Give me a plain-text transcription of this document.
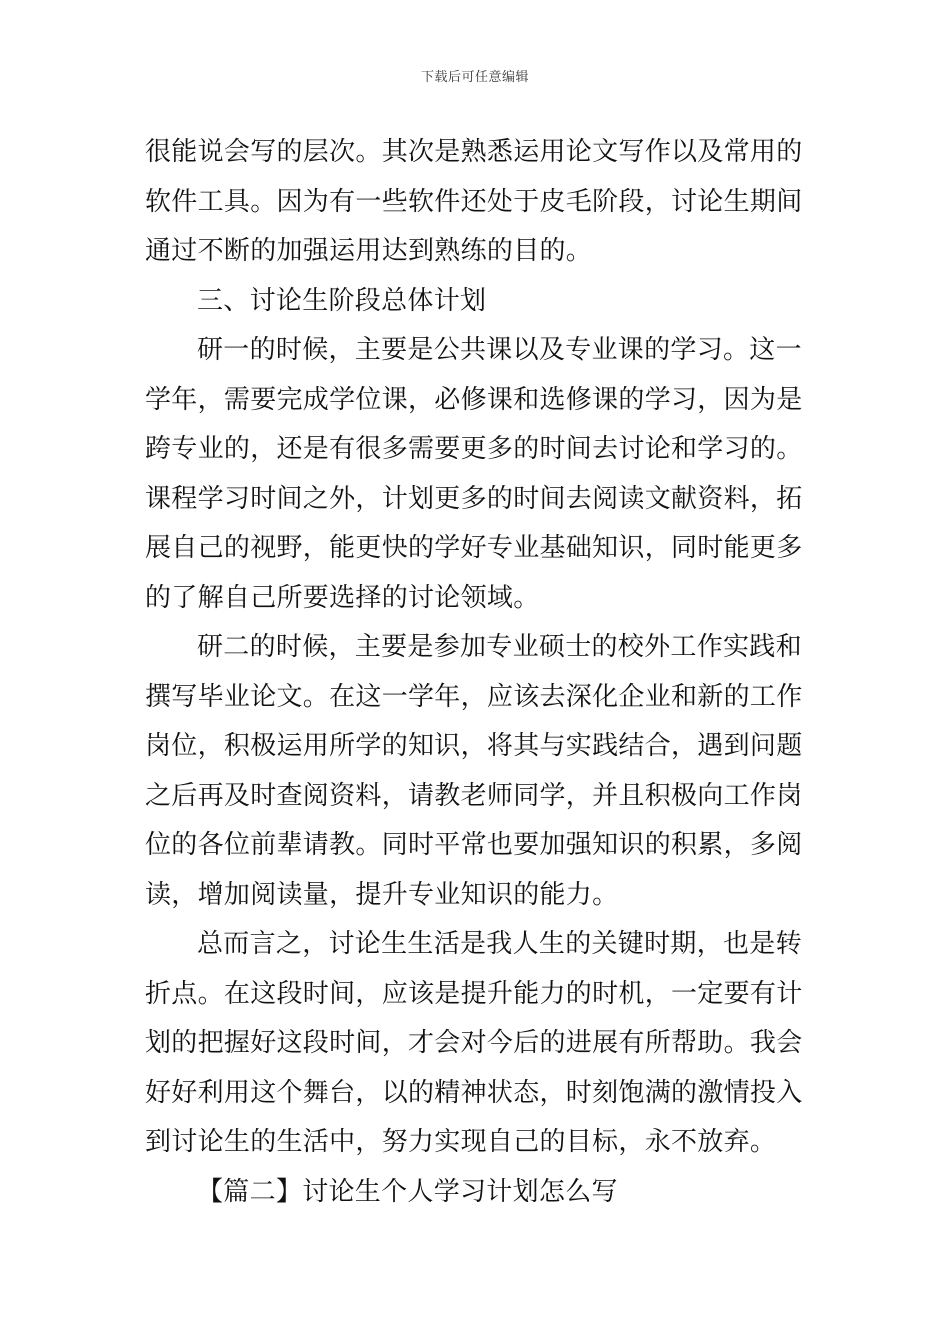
下载后可任意编辑
很能说会写的层次。其次是熟悉运用论文写作以及常用的
软件工具。因为有一些软件还处于皮毛阶段，讨论生期间
通过不断的加强运用达到熟练的目的。
三、讨论生阶段总体计划
研一的时候，主要是公共课以及专业课的学习。这一
学年，需要完成学位课，必修课和选修课的学习，因为是
跨专业的，还是有很多需要更多的时间去讨论和学习的。
课程学习时间之外，计划更多的时间去阅读文献资料，拓
展自己的视野，能更快的学好专业基础知识，同时能更多
的了解自己所要选择的讨论领域。
研二的时候，主要是参加专业硕士的校外工作实践和
撰写毕业论文。在这一学年，应该去深化企业和新的工作
岗位，积极运用所学的知识，将其与实践结合，遇到问题
之后再及时查阅资料，请教老师同学，并且积极向工作岗
位的各位前辈请教。同时平常也要加强知识的积累，多阅
读，增加阅读量，提升专业知识的能力。
总而言之，讨论生生活是我人生的关键时期，也是转
折点。在这段时间，应该是提升能力的时机，一定要有计
划的把握好这段时间，才会对今后的进展有所帮助。我会
好好利用这个舞台，以的精神状态，时刻饱满的激情投入
到讨论生的生活中，努力实现自己的目标，永不放弃。
【篇二】讨论生个人学习计划怎么写
